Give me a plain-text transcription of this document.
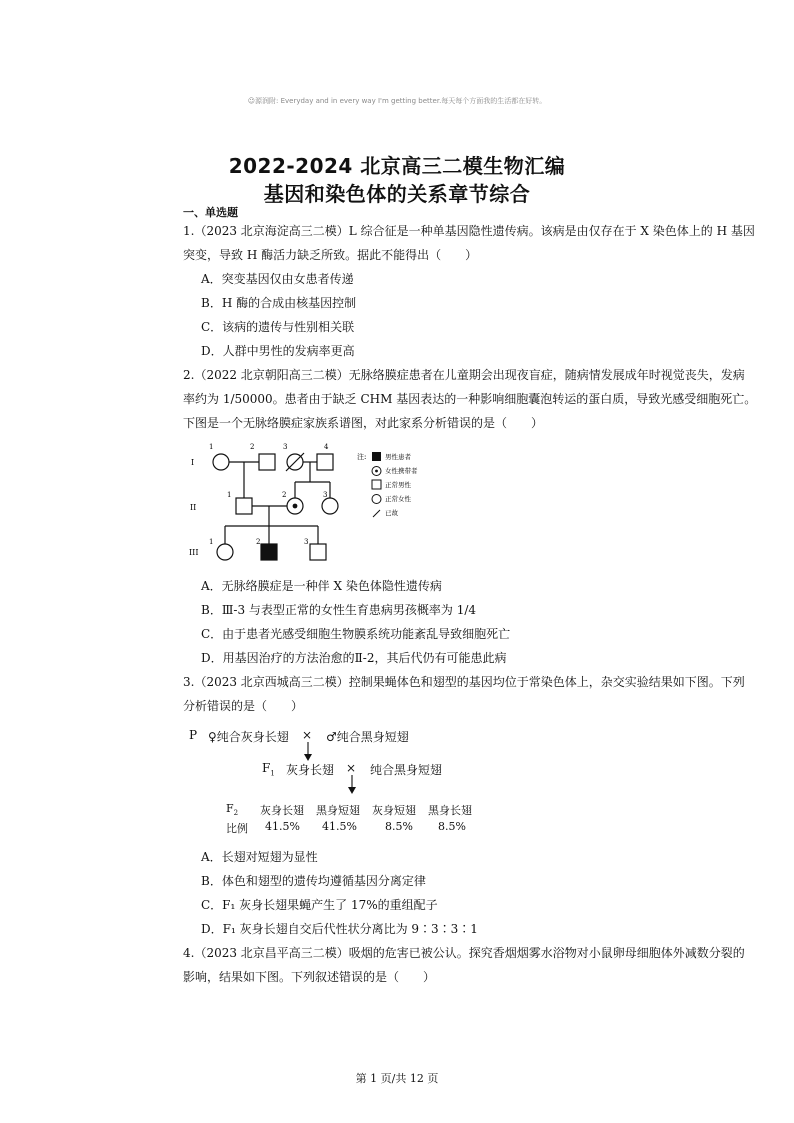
☺源润附: Everyday and in every way I'm getting better.每天每个方面我的生活都在好转。
2022-2024 北京高三二模生物汇编
基因和染色体的关系章节综合
一、单选题
1.（2023 北京海淀高三二模）L 综合征是一种单基因隐性遗传病。该病是由仅存在于 X 染色体上的 H 基因
突变，导致 H 酶活力缺乏所致。据此不能得出（　　）
A．突变基因仅由女患者传递
B．H 酶的合成由核基因控制
C．该病的遗传与性别相关联
D．人群中男性的发病率更高
2.（2022 北京朝阳高三二模）无脉络膜症患者在儿童期会出现夜盲症，随病情发展成年时视觉丧失，发病
率约为 1/50000。患者由于缺乏 CHM 基因表达的一种影响细胞囊泡转运的蛋白质，导致光感受细胞死亡。
下图是一个无脉络膜症家族系谱图，对此家系分析错误的是（　　）
I
II
III
1	2	3	4
1	2	3
1	2	3
注:	男性患者
女性携带者
正常男性
正常女性
已故
A．无脉络膜症是一种伴 X 染色体隐性遗传病
B．Ⅲ-3 与表型正常的女性生育患病男孩概率为 1/4
C．由于患者光感受细胞生物膜系统功能紊乱导致细胞死亡
D．用基因治疗的方法治愈的Ⅱ-2，其后代仍有可能患此病
3.（2023 北京西城高三二模）控制果蝇体色和翅型的基因均位于常染色体上，杂交实验结果如下图。下列
分析错误的是（　　）
P ♀纯合灰身长翅 × ♂纯合黑身短翅
$F_1$ 灰身长翅 × 纯合黑身短翅
$F_2$ 灰身长翅 黑身短翅 灰身短翅 黑身长翅
比例 41.5% 41.5%	8.5% 8.5%
A．长翅对短翅为显性
B．体色和翅型的遗传均遵循基因分离定律
C．F₁ 灰身长翅果蝇产生了 17%的重组配子
D．F₁ 灰身长翅自交后代性状分离比为 9∶3∶3∶1
4.（2023 北京昌平高三二模）吸烟的危害已被公认。探究香烟烟雾水浴物对小鼠卵母细胞体外减数分裂的
影响，结果如下图。下列叙述错误的是（　　）
第 1 页/共 12 页
